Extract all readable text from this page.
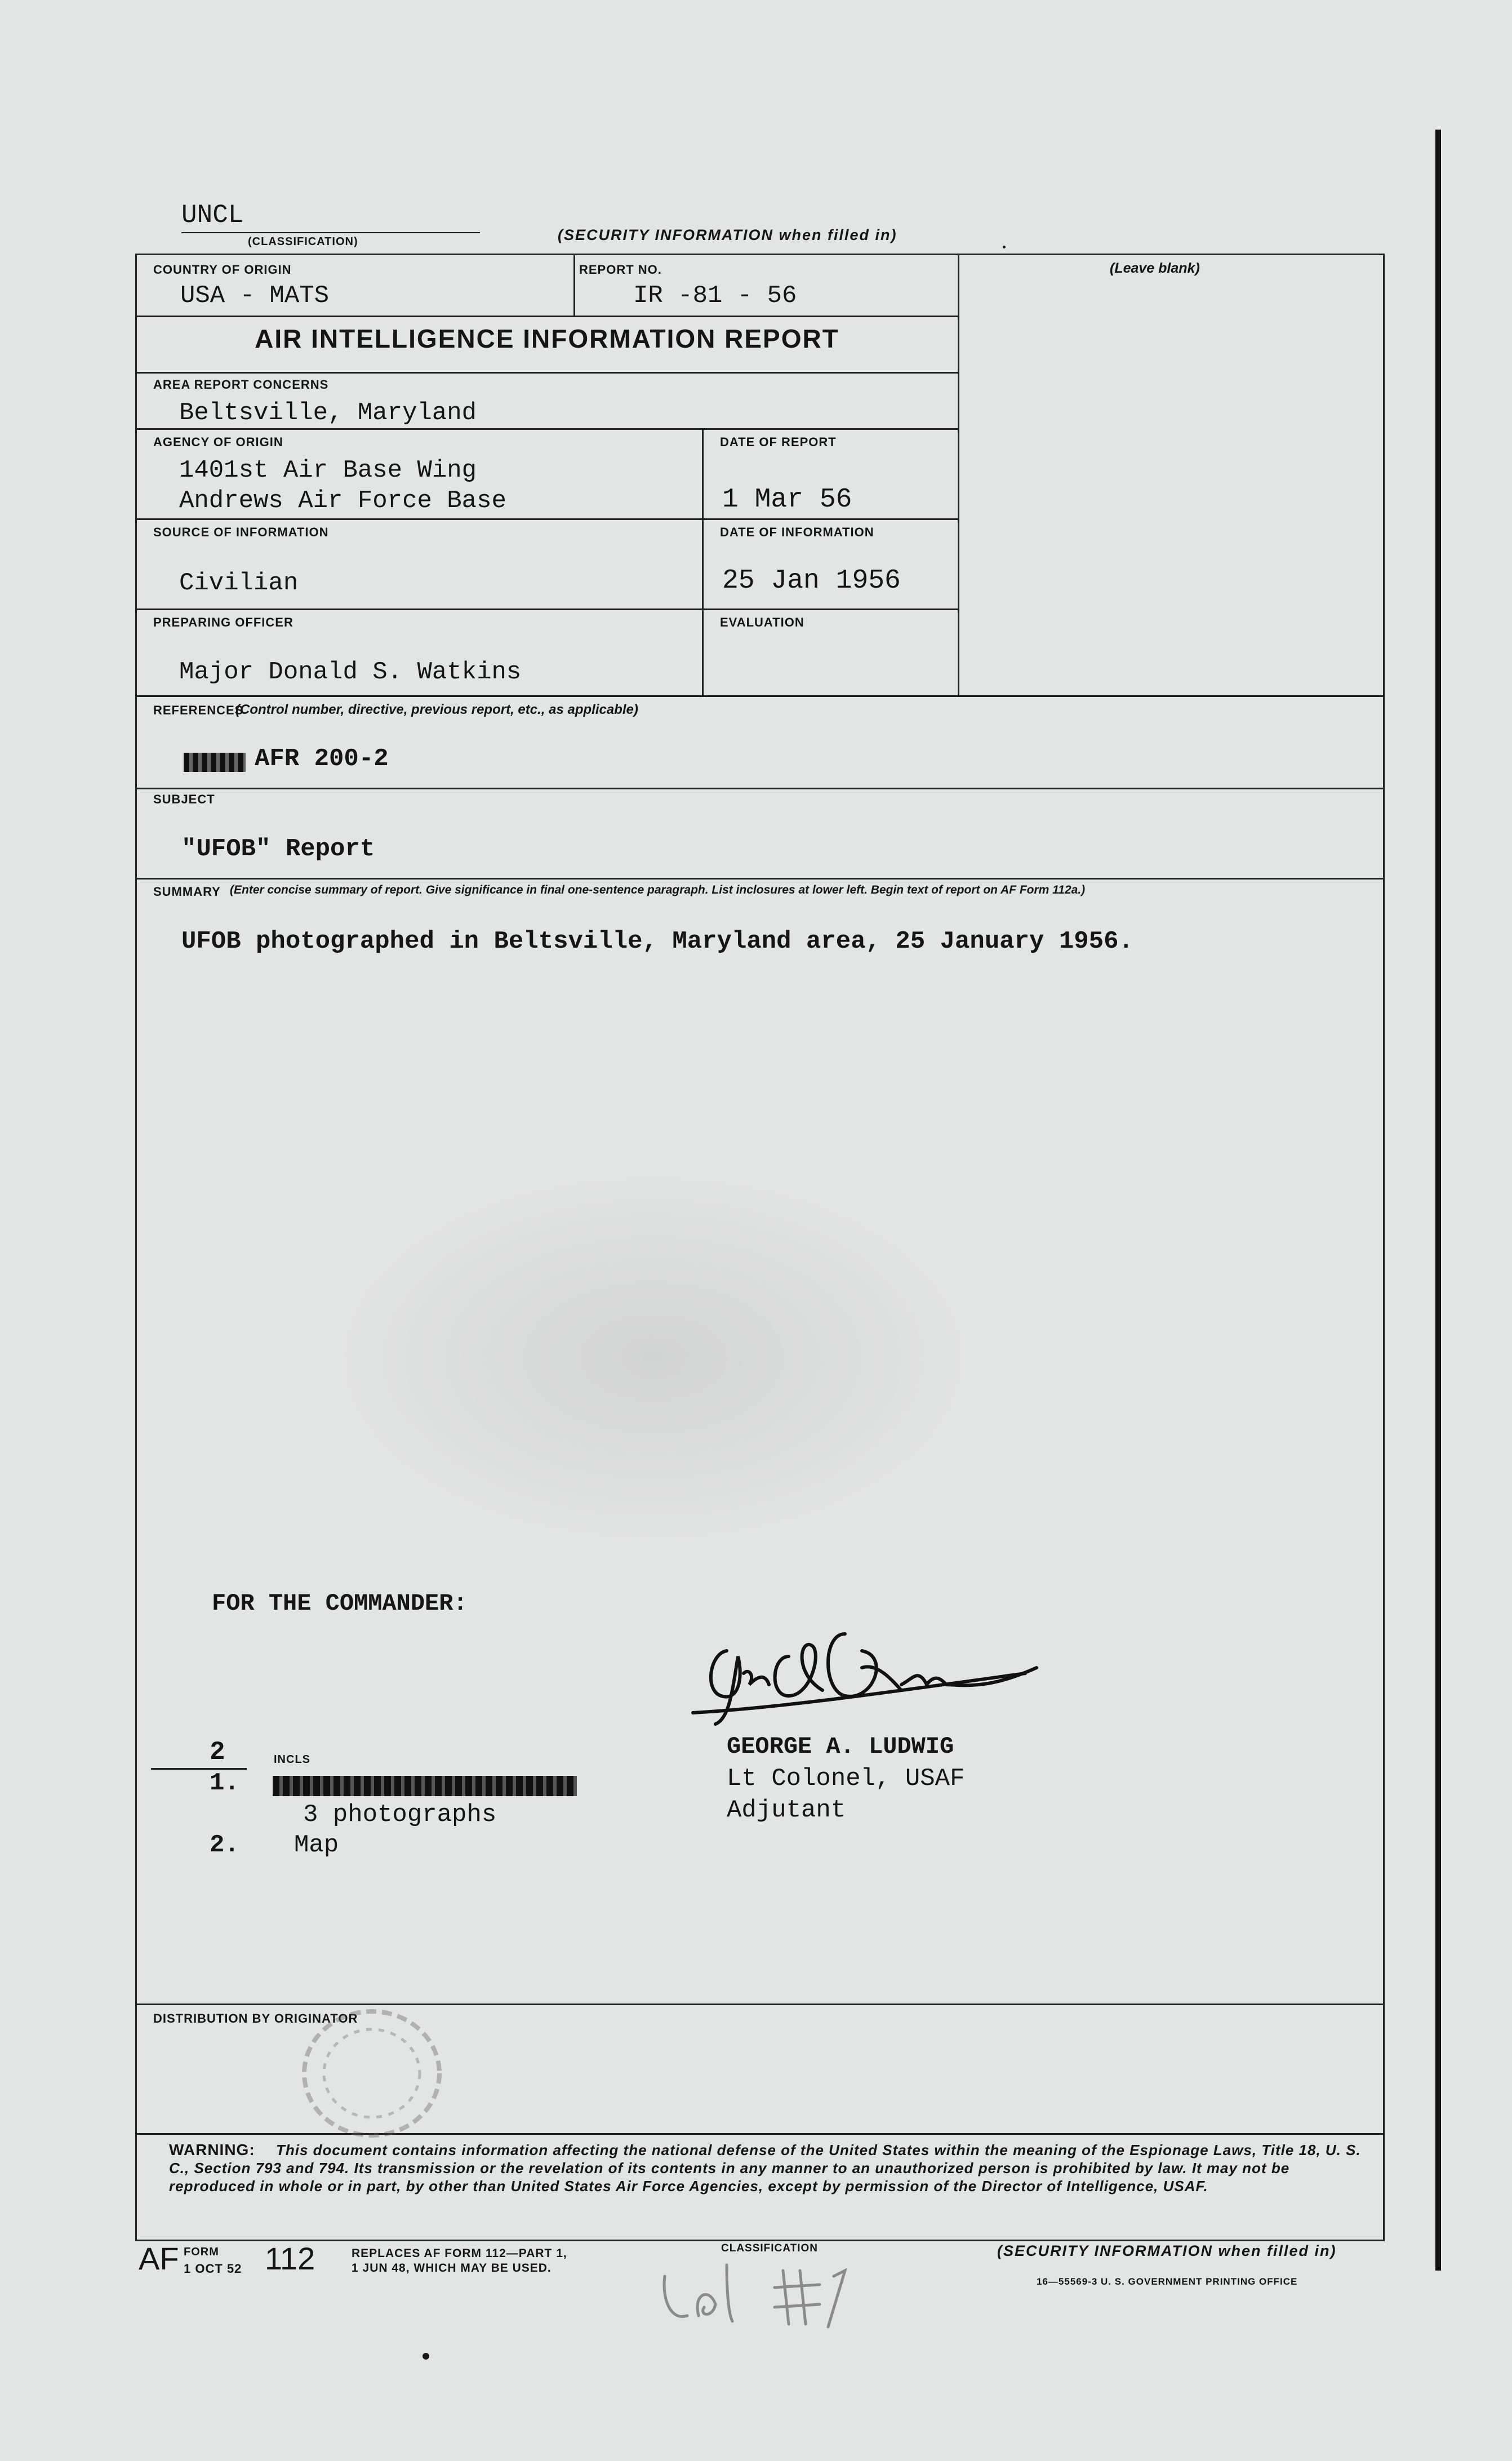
UNCL
(CLASSIFICATION)	(SECURITY INFORMATION when filled in)
COUNTRY OF ORIGIN
USA - MATS
REPORT NO.
IR -81 - 56
(Leave blank)
AIR INTELLIGENCE INFORMATION REPORT
AREA REPORT CONCERNS
Beltsville, Maryland
AGENCY OF ORIGIN
1401st Air Base Wing
Andrews Air Force Base
DATE OF REPORT
1 Mar 56
SOURCE OF INFORMATION
Civilian
DATE OF INFORMATION
25 Jan 1956
PREPARING OFFICER
Major Donald S. Watkins
EVALUATION
REFERENCES
(Control number, directive, previous report, etc., as applicable)
AFR 200-2
SUBJECT
"UFOB" Report
SUMMARY (Enter concise summary of report. Give significance in final one-sentence paragraph. List inclosures at lower left. Begin text of report on AF Form 112a.)
UFOB photographed in Beltsville, Maryland area, 25 January 1956.
FOR THE COMMANDER:
GEORGE A. LUDWIG
Lt Colonel, USAF
Adjutant
2	INCLS
1.
3 photographs
2. Map
DISTRIBUTION BY ORIGINATOR
WARNING:	This document contains information affecting the national defense of the United States within the meaning of the Espionage Laws, Title 18, U. S. C., Section 793 and 794. Its transmission or the revelation of its contents in any manner to an unauthorized person is prohibited by law. It may not be reproduced in whole or in part, by other than United States Air Force Agencies, except by permission of the Director of Intelligence, USAF.
AF FORM
1 OCT 52 112	REPLACES AF FORM 112—PART 1,
1 JUN 48, WHICH MAY BE USED.
CLASSIFICATION	(SECURITY INFORMATION when filled in)
16—55569-3 U. S. GOVERNMENT PRINTING OFFICE
